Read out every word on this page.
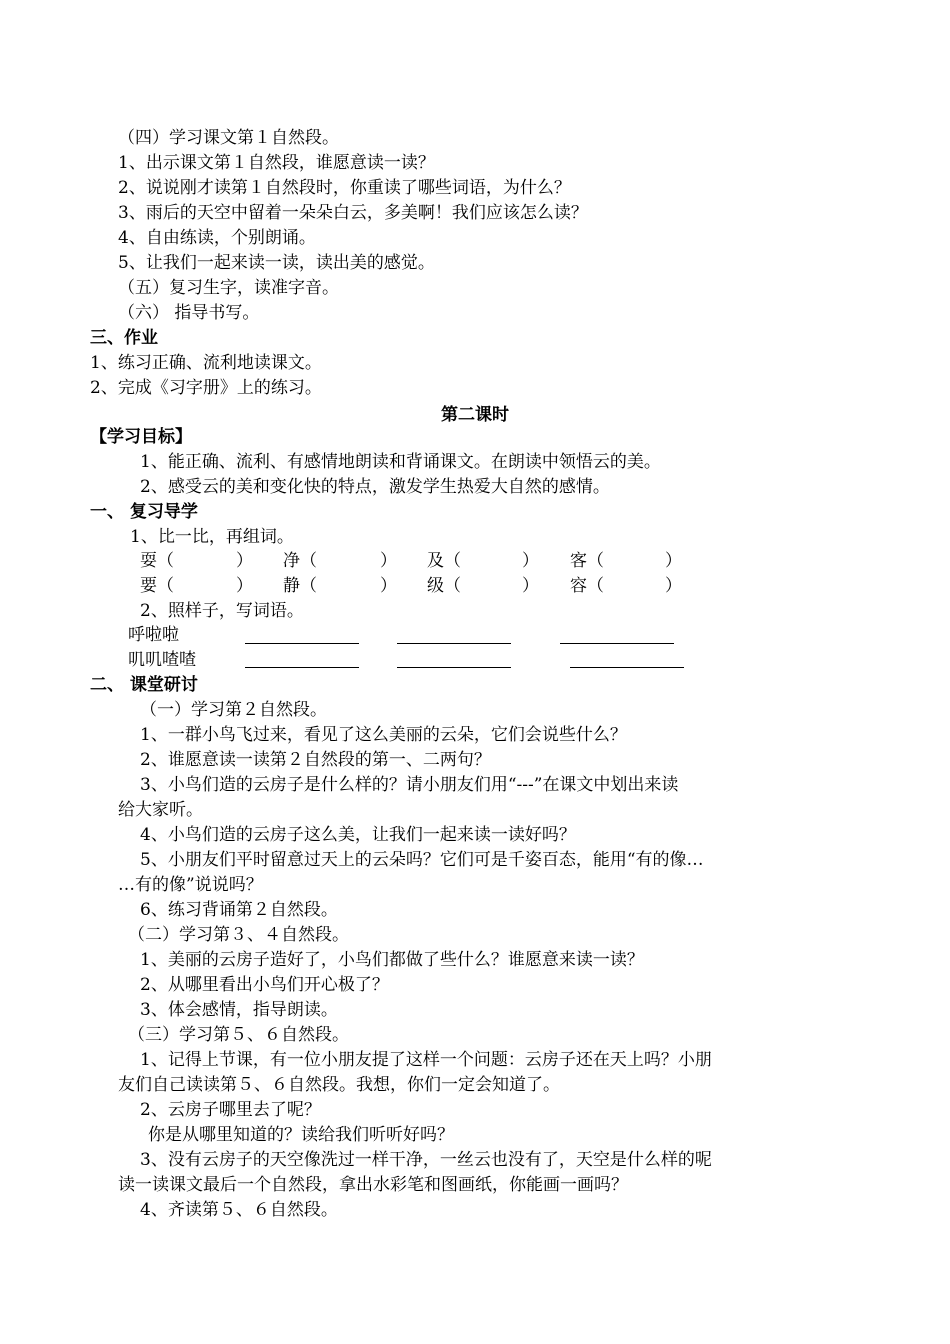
（四）学习课文第１自然段。
1、出示课文第１自然段，谁愿意读一读？
2、说说刚才读第１自然段时，你重读了哪些词语，为什么？
3、雨后的天空中留着一朵朵白云，多美啊！我们应该怎么读？
4、自由练读，个别朗诵。
5、让我们一起来读一读，读出美的感觉。
（五）复习生字，读准字音。
（六） 指导书写。
三、作业
1、练习正确、流利地读课文。
2、完成《习字册》上的练习。
第二课时
【学习目标】
1、能正确、流利、有感情地朗读和背诵课文。在朗读中领悟云的美。
2、感受云的美和变化快的特点，激发学生热爱大自然的感情。
一、 复习导学
1、比一比，再组词。
耍（	） 净（	） 及（	） 客（	）
要（	） 静（	） 级（	） 容（	）
2、照样子，写词语。
呼啦啦
叽叽喳喳
二、 课堂研讨
（一）学习第２自然段。
1、一群小鸟飞过来，看见了这么美丽的云朵，它们会说些什么？
2、谁愿意读一读第２自然段的第一、二两句？
3、小鸟们造的云房子是什么样的？请小朋友们用“---”在课文中划出来读
给大家听。
4、小鸟们造的云房子这么美，让我们一起来读一读好吗？
5、小朋友们平时留意过天上的云朵吗？它们可是千姿百态，能用“有的像…
…有的像”说说吗？
6、练习背诵第２自然段。
（二）学习第３、４自然段。
1、美丽的云房子造好了，小鸟们都做了些什么？谁愿意来读一读？
2、从哪里看出小鸟们开心极了？
3、体会感情，指导朗读。
（三）学习第５、６自然段。
1、记得上节课，有一位小朋友提了这样一个问题：云房子还在天上吗？小朋
友们自己读读第５、６自然段。我想，你们一定会知道了。
2、云房子哪里去了呢？
你是从哪里知道的？读给我们听听好吗？
3、没有云房子的天空像洗过一样干净，一丝云也没有了，天空是什么样的呢
读一读课文最后一个自然段，拿出水彩笔和图画纸，你能画一画吗？
4、齐读第５、６自然段。
